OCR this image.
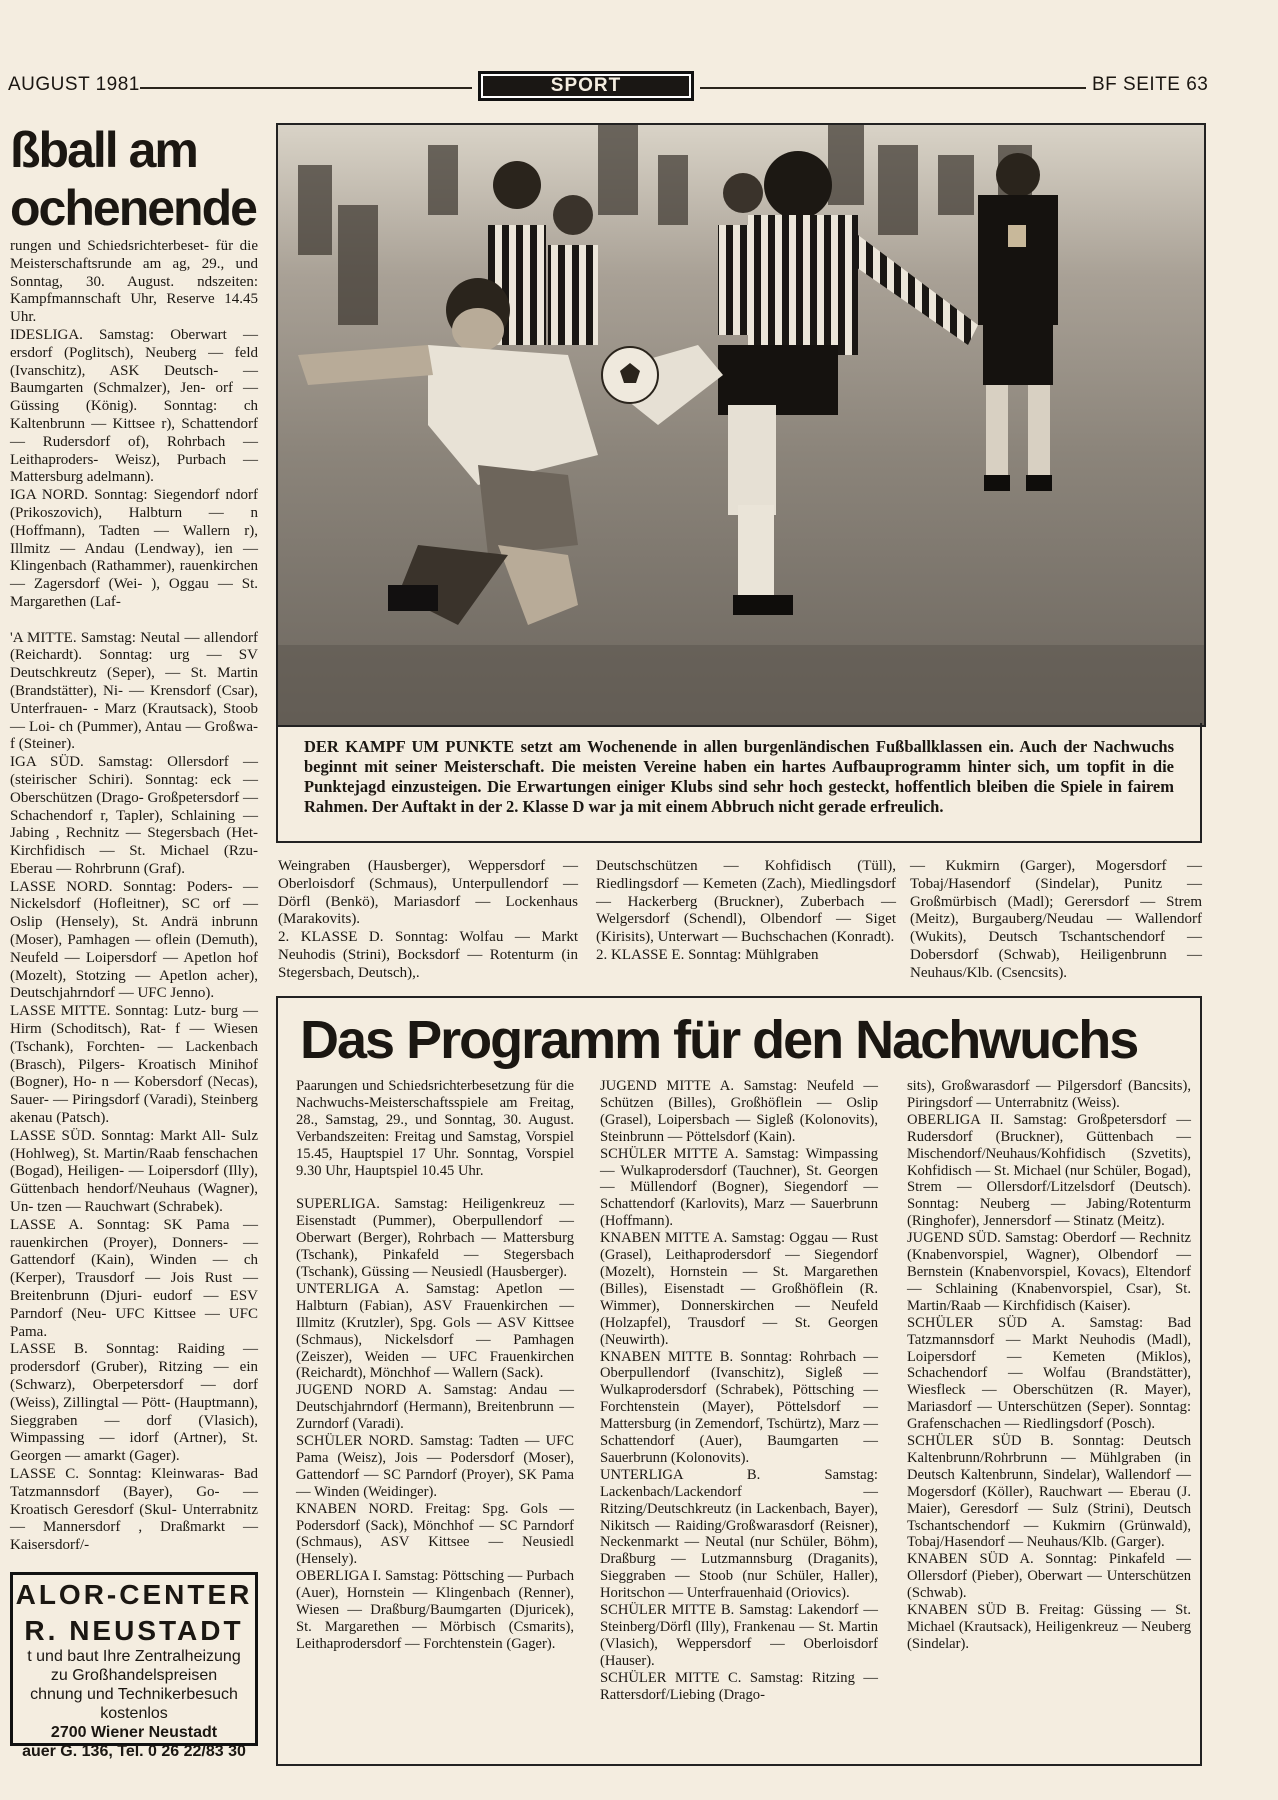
AUGUST 1981	SPORT	BF SEITE 63
ßball am
ochenende
rungen und Schiedsrichterbeset- für die Meisterschaftsrunde am ag, 29., und Sonntag, 30. August. ndszeiten: Kampfmannschaft Uhr, Reserve 14.45 Uhr.
IDESLIGA. Samstag: Oberwart — ersdorf (Poglitsch), Neuberg — feld (Ivanschitz), ASK Deutsch- — Baumgarten (Schmalzer), Jen- orf — Güssing (König). Sonntag: ch Kaltenbrunn — Kittsee r), Schattendorf — Rudersdorf of), Rohrbach — Leithaproders- Weisz), Purbach — Mattersburg adelmann).
IGA NORD. Sonntag: Siegendorf ndorf (Prikoszovich), Halbturn — n (Hoffmann), Tadten — Wallern r), Illmitz — Andau (Lendway), ien — Klingenbach (Rathammer), rauenkirchen — Zagersdorf (Wei- ), Oggau — St. Margarethen (Laf-

'A MITTE. Samstag: Neutal — allendorf (Reichardt). Sonntag: urg — SV Deutschkreutz (Seper), — St. Martin (Brandstätter), Ni- — Krensdorf (Csar), Unterfrauen- - Marz (Krautsack), Stoob — Loi- ch (Pummer), Antau — Großwa- f (Steiner).
IGA SÜD. Samstag: Ollersdorf — (steirischer Schiri). Sonntag: eck — Oberschützen (Drago- Großpetersdorf — Schachendorf r, Tapler), Schlaining — Jabing , Rechnitz — Stegersbach (Het- Kirchfidisch — St. Michael (Rzu- Eberau — Rohrbrunn (Graf).
LASSE NORD. Sonntag: Poders- — Nickelsdorf (Hofleitner), SC orf — Oslip (Hensely), St. Andrä inbrunn (Moser), Pamhagen — oflein (Demuth), Neufeld — Loipersdorf — Apetlon hof (Mozelt), Stotzing — Apetlon acher), Deutschjahrndorf — UFC Jenno).
LASSE MITTE. Sonntag: Lutz- burg — Hirm (Schoditsch), Rat- f — Wiesen (Tschank), Forchten- — Lackenbach (Brasch), Pilgers- Kroatisch Minihof (Bogner), Ho- n — Kobersdorf (Necas), Sauer- — Piringsdorf (Varadi), Steinberg akenau (Patsch).
LASSE SÜD. Sonntag: Markt All- Sulz (Hohlweg), St. Martin/Raab fenschachen (Bogad), Heiligen- — Loipersdorf (Illy), Güttenbach hendorf/Neuhaus (Wagner), Un- tzen — Rauchwart (Schrabek).
LASSE A. Sonntag: SK Pama — rauenkirchen (Proyer), Donners- — Gattendorf (Kain), Winden — ch (Kerper), Trausdorf — Jois Rust — Breitenbrunn (Djuri- eudorf — ESV Parndorf (Neu- UFC Kittsee — UFC Pama.
LASSE B. Sonntag: Raiding — prodersdorf (Gruber), Ritzing — ein (Schwarz), Oberpetersdorf — dorf (Weiss), Zillingtal — Pött- (Hauptmann), Sieggraben — dorf (Vlasich), Wimpassing — idorf (Artner), St. Georgen — amarkt (Gager).
LASSE C. Sonntag: Kleinwaras- Bad Tatzmannsdorf (Bayer), Go- — Kroatisch Geresdorf (Skul- Unterrabnitz — Mannersdorf , Draßmarkt — Kaisersdorf/-
DER KAMPF UM PUNKTE setzt am Wochenende in allen burgenländischen Fußballklassen ein. Auch der Nachwuchs beginnt mit seiner Meisterschaft. Die meisten Vereine haben ein hartes Aufbauprogramm hinter sich, um topfit in die Punktejagd einzusteigen. Die Erwartungen einiger Klubs sind sehr hoch gesteckt, hoffentlich bleiben die Spiele in fairem Rahmen. Der Auftakt in der 2. Klasse D war ja mit einem Abbruch nicht gerade erfreulich.
Weingraben (Hausberger), Weppersdorf — Oberloisdorf (Schmaus), Unterpullendorf — Dörfl (Benkö), Mariasdorf — Lockenhaus (Marakovits).
2. KLASSE D. Sonntag: Wolfau — Markt Neuhodis (Strini), Bocksdorf — Rotenturm (in Stegersbach, Deutsch),.
Deutschschützen — Kohfidisch (Tüll), Riedlingsdorf — Kemeten (Zach), Miedlingsdorf — Hackerberg (Bruckner), Zuberbach — Welgersdorf (Schendl), Olbendorf — Siget (Kirisits), Unterwart — Buchschachen (Konradt).
2. KLASSE E. Sonntag: Mühlgraben
— Kukmirn (Garger), Mogersdorf — Tobaj/Hasendorf (Sindelar), Punitz — Großmürbisch (Madl); Gerersdorf — Strem (Meitz), Burgauberg/Neudau — Wallendorf (Wukits), Deutsch Tschantschendorf — Dobersdorf (Schwab), Heiligenbrunn — Neuhaus/Klb. (Csencsits).
Das Programm für den Nachwuchs
Paarungen und Schiedsrichterbesetzung für die Nachwuchs-Meisterschaftsspiele am Freitag, 28., Samstag, 29., und Sonntag, 30. August. Verbandszeiten: Freitag und Samstag, Vorspiel 15.45, Hauptspiel 17 Uhr. Sonntag, Vorspiel 9.30 Uhr, Hauptspiel 10.45 Uhr.

SUPERLIGA. Samstag: Heiligenkreuz — Eisenstadt (Pummer), Oberpullendorf — Oberwart (Berger), Rohrbach — Mattersburg (Tschank), Pinkafeld — Stegersbach (Tschank), Güssing — Neusiedl (Hausberger).
UNTERLIGA A. Samstag: Apetlon — Halbturn (Fabian), ASV Frauenkirchen — Illmitz (Krutzler), Spg. Gols — ASV Kittsee (Schmaus), Nickelsdorf — Pamhagen (Zeiszer), Weiden — UFC Frauenkirchen (Reichardt), Mönchhof — Wallern (Sack).
JUGEND NORD A. Samstag: Andau — Deutschjahrndorf (Hermann), Breitenbrunn — Zurndorf (Varadi).
SCHÜLER NORD. Samstag: Tadten — UFC Pama (Weisz), Jois — Podersdorf (Moser), Gattendorf — SC Parndorf (Proyer), SK Pama — Winden (Weidinger).
KNABEN NORD. Freitag: Spg. Gols — Podersdorf (Sack), Mönchhof — SC Parndorf (Schmaus), ASV Kittsee — Neusiedl (Hensely).
OBERLIGA I. Samstag: Pöttsching — Purbach (Auer), Hornstein — Klingenbach (Renner), Wiesen — Draßburg/Baumgarten (Djuricek), St. Margarethen — Mörbisch (Csmarits), Leithaprodersdorf — Forchtenstein (Gager).
JUGEND MITTE A. Samstag: Neufeld — Schützen (Billes), Großhöflein — Oslip (Grasel), Loipersbach — Sigleß (Kolonovits), Steinbrunn — Pöttelsdorf (Kain).
SCHÜLER MITTE A. Samstag: Wimpassing — Wulkaprodersdorf (Tauchner), St. Georgen — Müllendorf (Bogner), Siegendorf — Schattendorf (Karlovits), Marz — Sauerbrunn (Hoffmann).
KNABEN MITTE A. Samstag: Oggau — Rust (Grasel), Leithaprodersdorf — Siegendorf (Mozelt), Hornstein — St. Margarethen (Billes), Eisenstadt — Großhöflein (R. Wimmer), Donnerskirchen — Neufeld (Holzapfel), Trausdorf — St. Georgen (Neuwirth).
KNABEN MITTE B. Sonntag: Rohrbach — Oberpullendorf (Ivanschitz), Sigleß — Wulkaprodersdorf (Schrabek), Pöttsching — Forchtenstein (Mayer), Pöttelsdorf — Mattersburg (in Zemendorf, Tschürtz), Marz — Schattendorf (Auer), Baumgarten — Sauerbrunn (Kolonovits).
UNTERLIGA B. Samstag: Lackenbach/Lackendorf — Ritzing/Deutschkreutz (in Lackenbach, Bayer), Nikitsch — Raiding/Großwarasdorf (Reisner), Neckenmarkt — Neutal (nur Schüler, Böhm), Draßburg — Lutzmannsburg (Draganits), Sieggraben — Stoob (nur Schüler, Haller), Horitschon — Unterfrauenhaid (Oriovics).
SCHÜLER MITTE B. Samstag: Lakendorf — Steinberg/Dörfl (Illy), Frankenau — St. Martin (Vlasich), Weppersdorf — Oberloisdorf (Hauser).
SCHÜLER MITTE C. Samstag: Ritzing — Rattersdorf/Liebing (Drago-
sits), Großwarasdorf — Pilgersdorf (Bancsits), Piringsdorf — Unterrabnitz (Weiss).
OBERLIGA II. Samstag: Großpetersdorf — Rudersdorf (Bruckner), Güttenbach — Mischendorf/Neuhaus/Kohfidisch (Szvetits), Kohfidisch — St. Michael (nur Schüler, Bogad), Strem — Ollersdorf/Litzelsdorf (Deutsch). Sonntag: Neuberg — Jabing/Rotenturm (Ringhofer), Jennersdorf — Stinatz (Meitz).
JUGEND SÜD. Samstag: Oberdorf — Rechnitz (Knabenvorspiel, Wagner), Olbendorf — Bernstein (Knabenvorspiel, Kovacs), Eltendorf — Schlaining (Knabenvorspiel, Csar), St. Martin/Raab — Kirchfidisch (Kaiser).
SCHÜLER SÜD A. Samstag: Bad Tatzmannsdorf — Markt Neuhodis (Madl), Loipersdorf — Kemeten (Miklos), Schachendorf — Wolfau (Brandstätter), Wiesfleck — Oberschützen (R. Mayer), Mariasdorf — Unterschützen (Seper). Sonntag: Grafenschachen — Riedlingsdorf (Posch).
SCHÜLER SÜD B. Sonntag: Deutsch Kaltenbrunn/Rohrbrunn — Mühlgraben (in Deutsch Kaltenbrunn, Sindelar), Wallendorf — Mogersdorf (Köller), Rauchwart — Eberau (J. Maier), Geresdorf — Sulz (Strini), Deutsch Tschantschendorf — Kukmirn (Grünwald), Tobaj/Hasendorf — Neuhaus/Klb. (Garger).
KNABEN SÜD A. Sonntag: Pinkafeld — Ollersdorf (Pieber), Oberwart — Unterschützen (Schwab).
KNABEN SÜD B. Freitag: Güssing — St. Michael (Krautsack), Heiligenkreuz — Neuberg (Sindelar).
ALOR-CENTER
R. NEUSTADT
t und baut Ihre Zentralheizung
zu Großhandelspreisen
chnung und Technikerbesuch
kostenlos
2700 Wiener Neustadt
auer G. 136, Tel. 0 26 22/83 30
